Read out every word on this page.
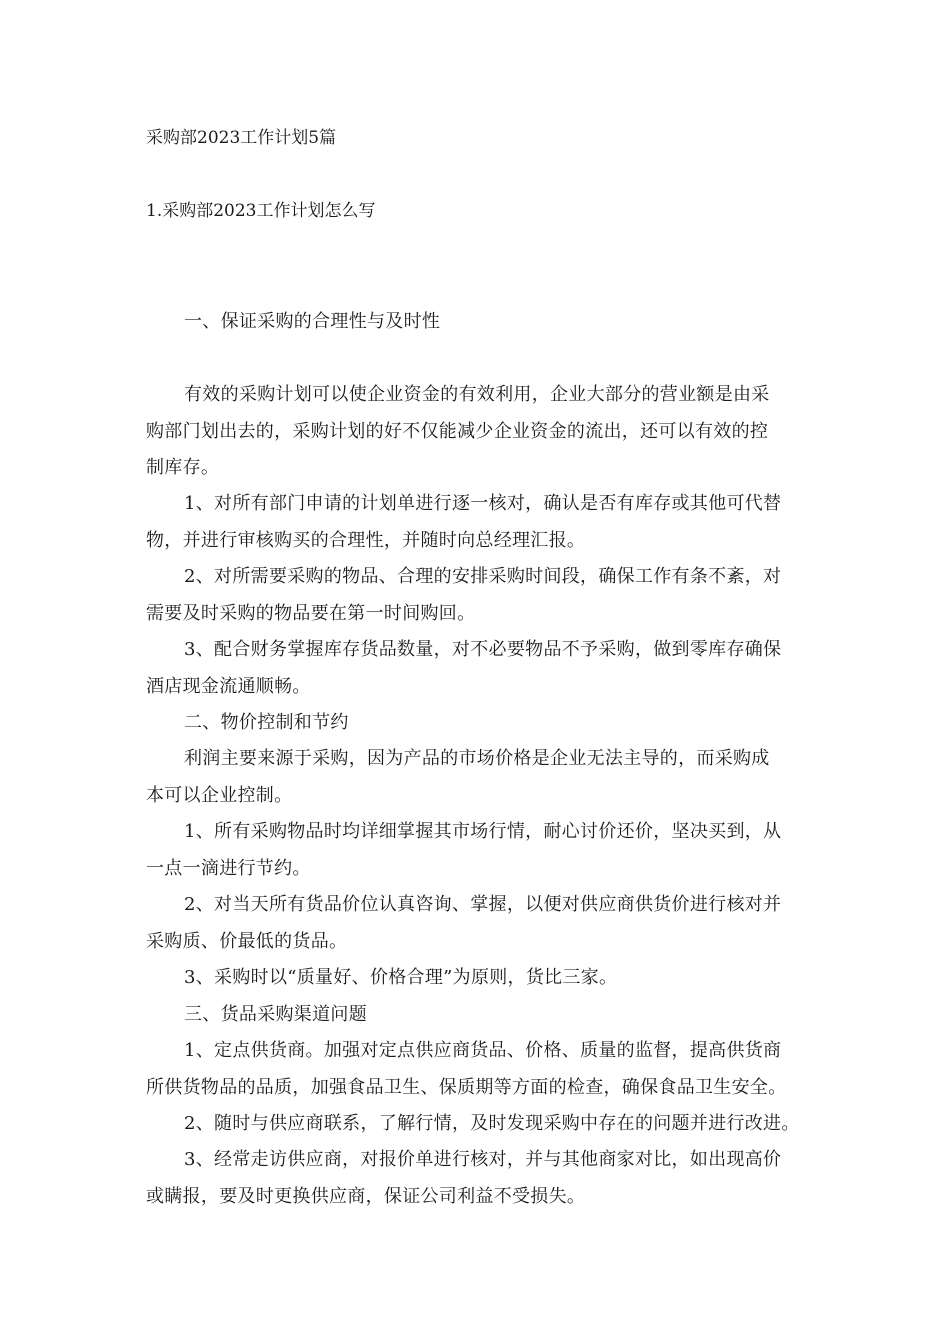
采购部2023工作计划5篇
1.采购部2023工作计划怎么写
一、保证采购的合理性与及时性
有效的采购计划可以使企业资金的有效利用，企业大部分的营业额是由采
购部门划出去的，采购计划的好不仅能减少企业资金的流出，还可以有效的控
制库存。
1、对所有部门申请的计划单进行逐一核对，确认是否有库存或其他可代替
物，并进行审核购买的合理性，并随时向总经理汇报。
2、对所需要采购的物品、合理的安排采购时间段，确保工作有条不紊，对
需要及时采购的物品要在第一时间购回。
3、配合财务掌握库存货品数量，对不必要物品不予采购，做到零库存确保
酒店现金流通顺畅。
二、物价控制和节约
利润主要来源于采购，因为产品的市场价格是企业无法主导的，而采购成
本可以企业控制。
1、所有采购物品时均详细掌握其市场行情，耐心讨价还价，坚决买到，从
一点一滴进行节约。
2、对当天所有货品价位认真咨询、掌握，以便对供应商供货价进行核对并
采购质、价最低的货品。
3、采购时以“质量好、价格合理”为原则，货比三家。
三、货品采购渠道问题
1、定点供货商。加强对定点供应商货品、价格、质量的监督，提高供货商
所供货物品的品质，加强食品卫生、保质期等方面的检查，确保食品卫生安全。
2、随时与供应商联系，了解行情，及时发现采购中存在的问题并进行改进。
3、经常走访供应商，对报价单进行核对，并与其他商家对比，如出现高价
或瞒报，要及时更换供应商，保证公司利益不受损失。
